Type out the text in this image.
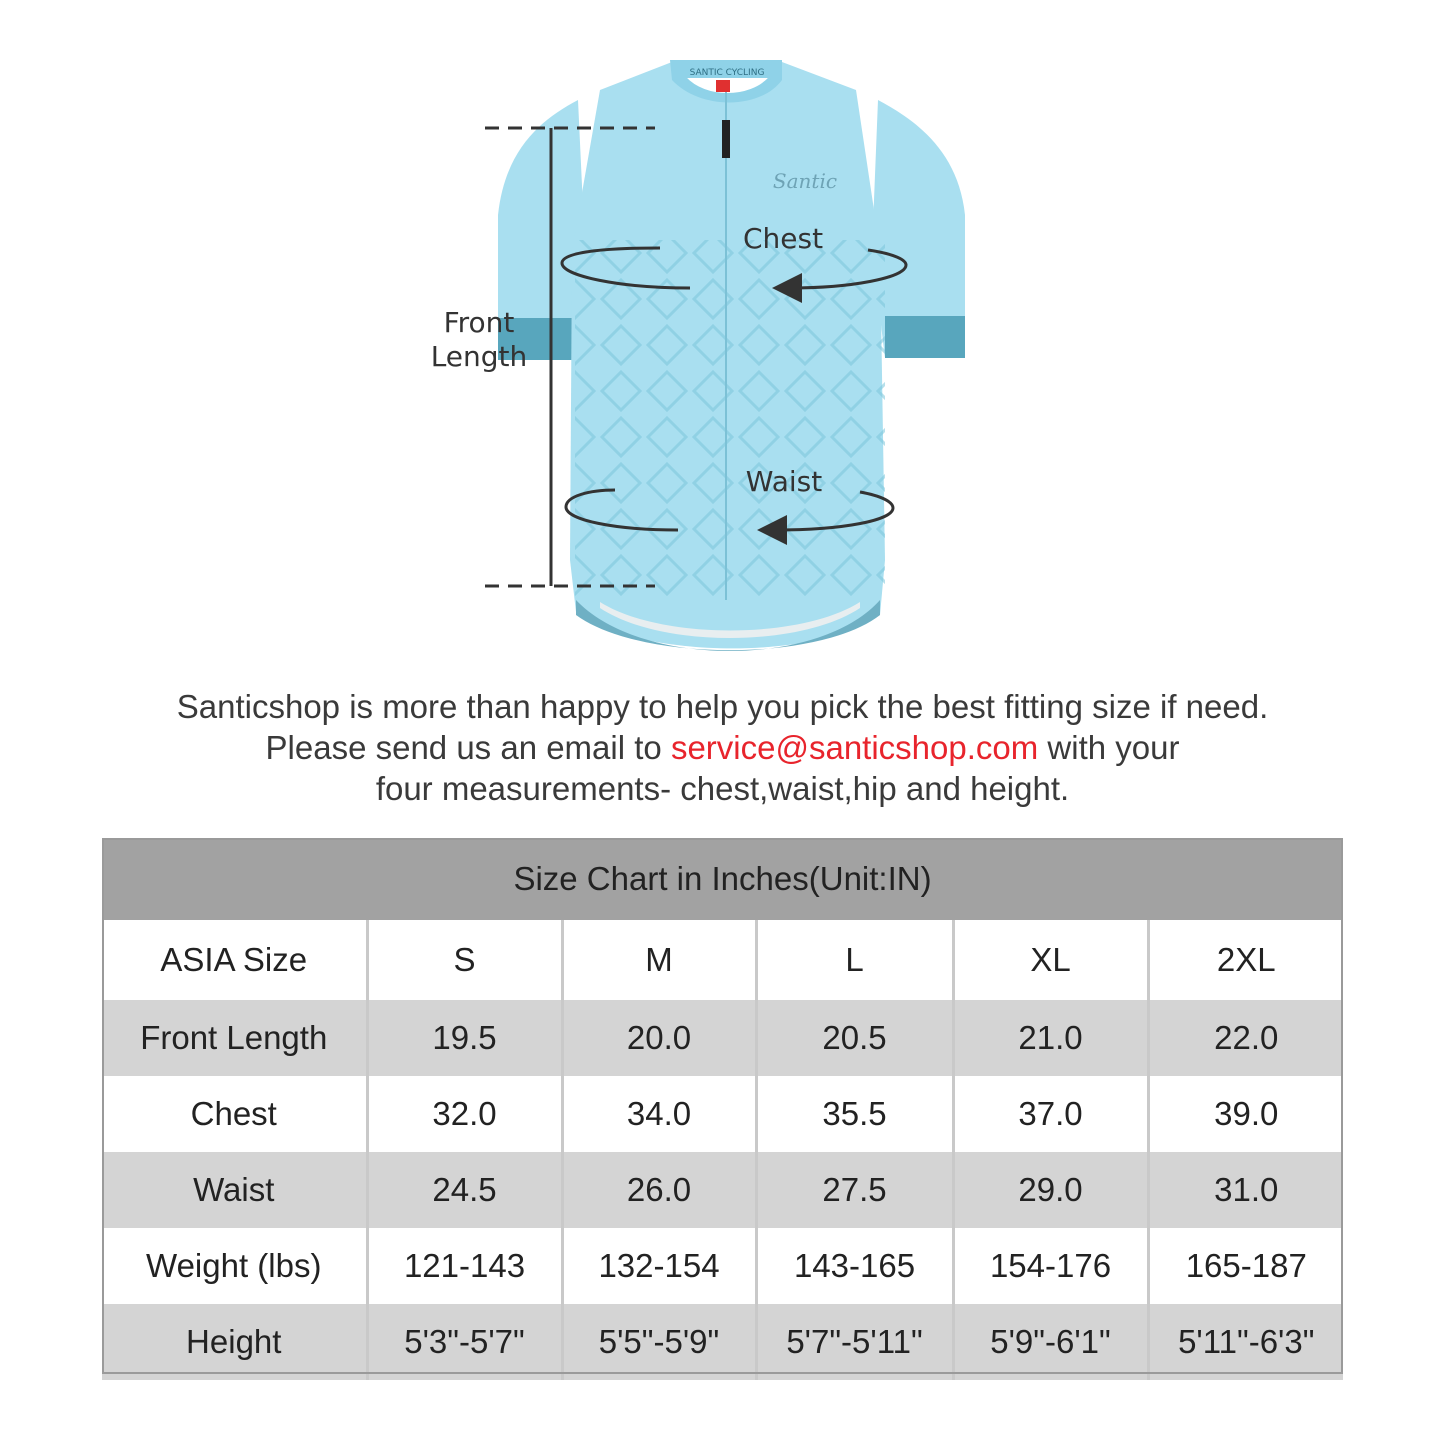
Santic
SANTIC CYCLING
Front
Length
Chest
Waist
Santicshop is more than happy to help you pick the best fitting size if need.
Please send us an email to service@santicshop.com with your
four measurements- chest,waist,hip and height.
Size Chart in Inches(Unit:IN)					
ASIA Size	S	M	L	XL	2XL
Front Length	19.5	20.0	20.5	21.0	22.0
Chest	32.0	34.0	35.5	37.0	39.0
Waist	24.5	26.0	27.5	29.0	31.0
Weight (lbs)	121-143	132-154	143-165	154-176	165-187
Height	5'3"-5'7"	5'5"-5'9"	5'7"-5'11"	5'9"-6'1"	5'11"-6'3"
